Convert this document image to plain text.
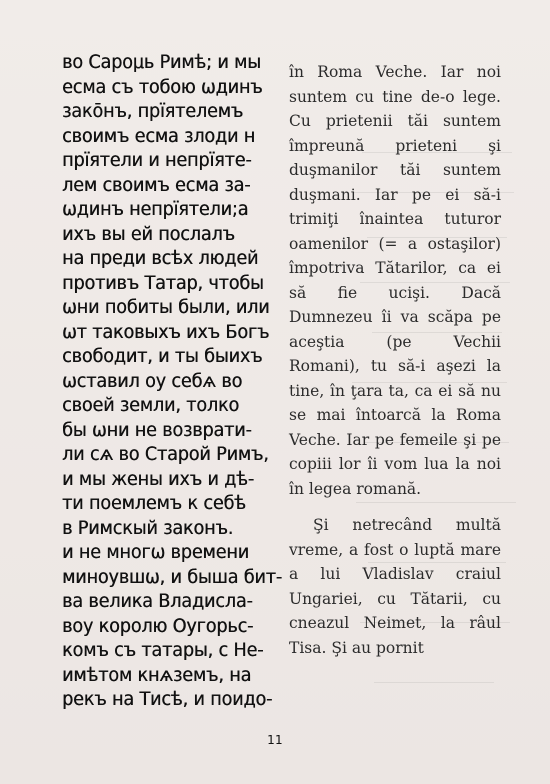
во Сарομь Римѣ; и мы
есма съ тобою ωдинъ
закōнъ, прїятелемъ
своимъ есма злоди н
прїятели и непрїяте-
лем своимъ есма за-
ωдинъ непрїятели;а
ихъ вы ей послалъ
на преди всѣх людей
противъ Татар, чтобы
ωни побиты были, или
ωт таковыхъ ихъ Богъ
свободит, и ты быихъ
ωставил оу себѧ во
своей земли, толко
бы ωни не возврати-
ли сѧ во Старой Римъ,
и мы жены ихъ и дѣ-
ти поемлемъ к себѣ
в Римскый законъ.
и не многω времени
миноувшω, и быша бит-
ва велика Владисла-
воу королю Оугорьс-
комъ съ татары, с Не-
имѣтом кнѧземъ, на
рекъ на Тисѣ, и поидо-

în Roma Veche. Iar noi suntem cu tine de-o lege. Cu prietenii tăi suntem împreună prieteni şi duşmanilor tăi suntem duşmani. Iar pe ei să-i trimiţi înaintea tuturor oamenilor (= a ostaşilor) împotriva Tătarilor, ca ei să fie ucişi. Dacă Dumnezeu îi va scăpa pe aceştia (pe Vechii Romani), tu să-i aşezi la tine, în ţara ta, ca ei să nu se mai întoarcă la Roma Veche. Iar pe femeile şi pe copiii lor îi vom lua la noi în legea romană.

Şi netrecând multă vreme, a fost o luptă mare a lui Vladislav craiul Ungariei, cu Tătarii, cu cneazul Neimet, la râul Tisa. Şi au pornit

11
